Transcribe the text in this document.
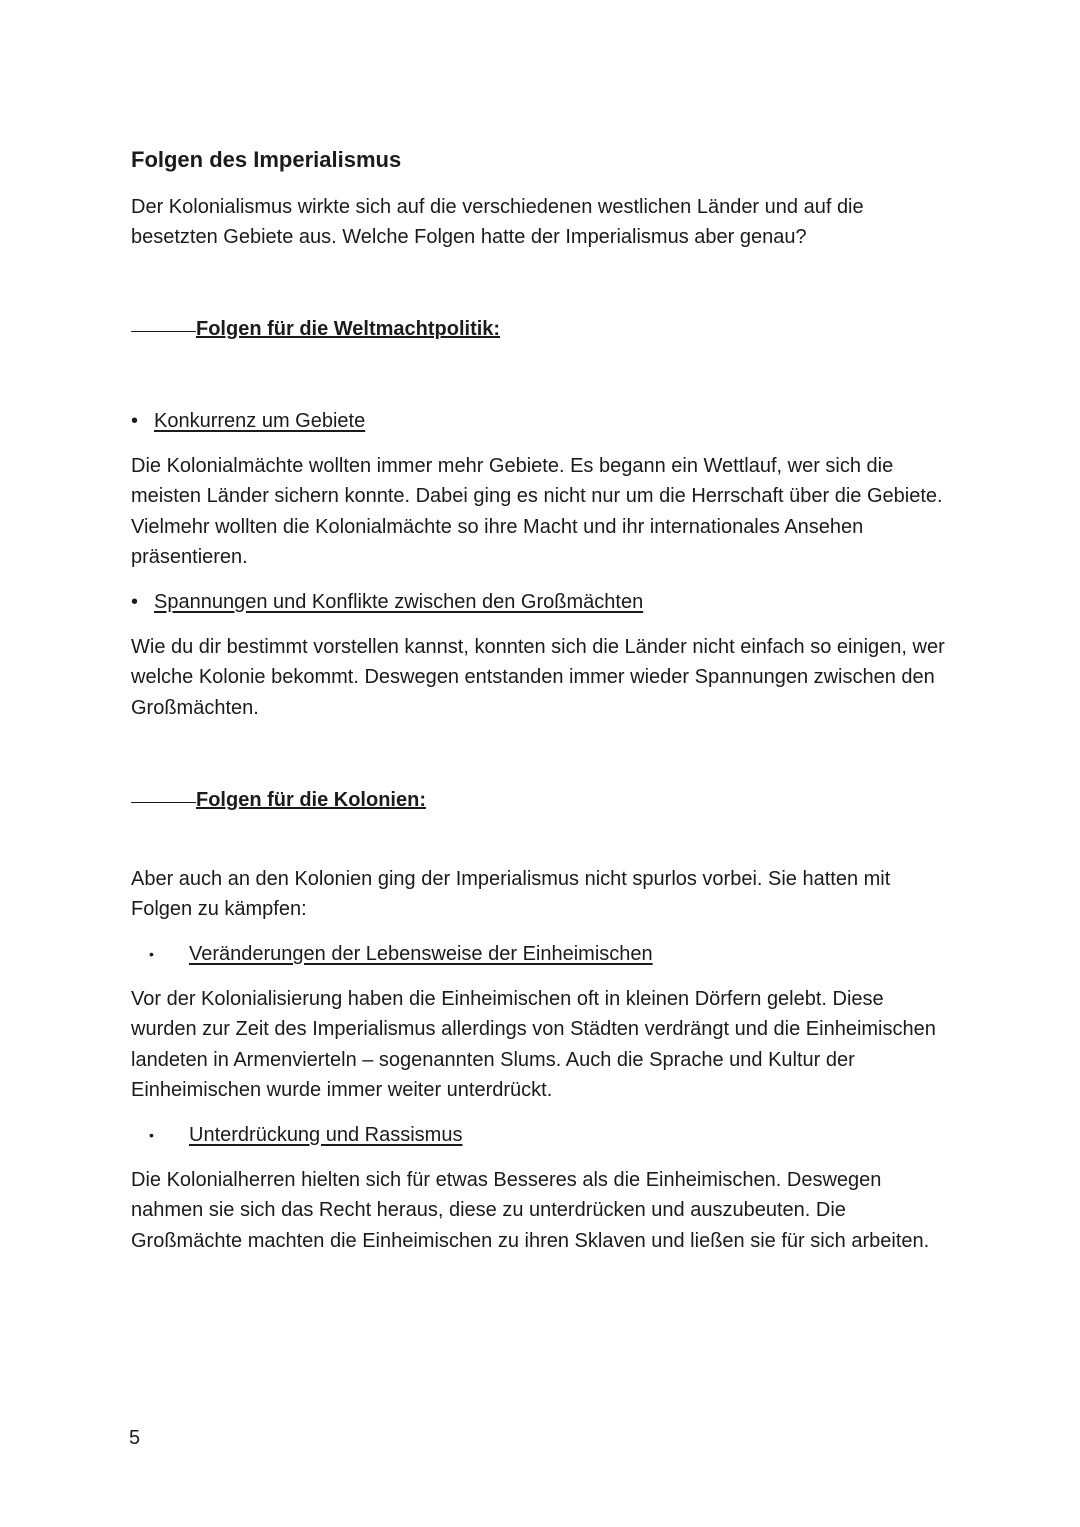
Folgen des Imperialismus

Der Kolonialismus wirkte sich auf die verschiedenen westlichen Länder und auf die besetzten Gebiete aus. Welche Folgen hatte der Imperialismus aber genau?

Folgen für die Weltmachtpolitik:
• Konkurrenz um Gebiete

Die Kolonialmächte wollten immer mehr Gebiete. Es begann ein Wettlauf, wer sich die meisten Länder sichern konnte. Dabei ging es nicht nur um die Herrschaft über die Gebiete. Vielmehr wollten die Kolonialmächte so ihre Macht und ihr internationales Ansehen präsentieren.

• Spannungen und Konflikte zwischen den Großmächten

Wie du dir bestimmt vorstellen kannst, konnten sich die Länder nicht einfach so einigen, wer welche Kolonie bekommt. Deswegen entstanden immer wieder Spannungen zwischen den Großmächten.

Folgen für die Kolonien:

Aber auch an den Kolonien ging der Imperialismus nicht spurlos vorbei. Sie hatten mit Folgen zu kämpfen:

• Veränderungen der Lebensweise der Einheimischen

Vor der Kolonialisierung haben die Einheimischen oft in kleinen Dörfern gelebt. Diese wurden zur Zeit des Imperialismus allerdings von Städten verdrängt und die Einheimischen landeten in Armenvierteln – sogenannten Slums. Auch die Sprache und Kultur der Einheimischen wurde immer weiter unterdrückt.

• Unterdrückung und Rassismus

Die Kolonialherren hielten sich für etwas Besseres als die Einheimischen. Deswegen nahmen sie sich das Recht heraus, diese zu unterdrücken und auszubeuten. Die Großmächte machten die Einheimischen zu ihren Sklaven und ließen sie für sich arbeiten.

5
